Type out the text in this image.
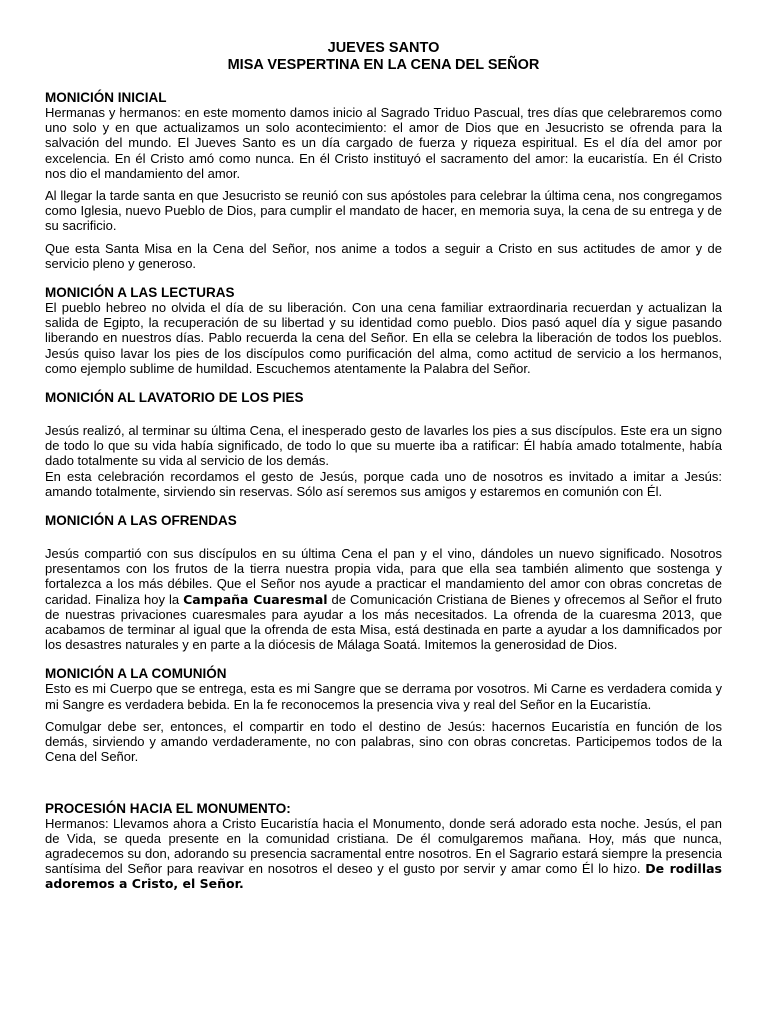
JUEVES SANTO

MISA VESPERTINA EN LA CENA DEL SEÑOR

MONICIÓN INICIAL

Hermanas y hermanos: en este momento damos inicio al Sagrado Triduo Pascual, tres días que celebraremos como uno solo y en que actualizamos un solo acontecimiento: el amor de Dios que en Jesucristo se ofrenda para la salvación del mundo. El Jueves Santo es un día cargado de fuerza y riqueza espiritual. Es el día del amor por excelencia. En él Cristo amó como nunca. En él Cristo instituyó el sacramento del amor: la eucaristía. En él Cristo nos dio el mandamiento del amor.

Al llegar la tarde santa en que Jesucristo se reunió con sus apóstoles para celebrar la última cena, nos congregamos como Iglesia, nuevo Pueblo de Dios, para cumplir el mandato de hacer, en memoria suya, la cena de su entrega y de su sacrificio.

Que esta Santa Misa en la Cena del Señor, nos anime a todos a seguir a Cristo en sus actitudes de amor y de servicio pleno y generoso.

MONICIÓN A LAS LECTURAS

El pueblo hebreo no olvida el día de su liberación. Con una cena familiar extraordinaria recuerdan y actualizan la salida de Egipto, la recuperación de su libertad y su identidad como pueblo. Dios pasó aquel día y sigue pasando liberando en nuestros días. Pablo recuerda la cena del Señor. En ella se celebra la liberación de todos los pueblos. Jesús quiso lavar los pies de los discípulos como purificación del alma, como actitud de servicio a los hermanos, como ejemplo sublime de humildad. Escuchemos atentamente la Palabra del Señor.

MONICIÓN AL LAVATORIO DE LOS PIES

Jesús realizó, al terminar su última Cena, el inesperado gesto de lavarles los pies a sus discípulos. Este era un signo de todo lo que su vida había significado, de todo lo que su muerte iba a ratificar: Él había amado totalmente, había dado totalmente su vida al servicio de los demás.

En esta celebración recordamos el gesto de Jesús, porque cada uno de nosotros es invitado a imitar a Jesús: amando totalmente, sirviendo sin reservas. Sólo así seremos sus amigos y estaremos en comunión con Él.

MONICIÓN A LAS OFRENDAS

Jesús compartió con sus discípulos en su última Cena el pan y el vino, dándoles un nuevo significado. Nosotros presentamos con los frutos de la tierra nuestra propia vida, para que ella sea también alimento que sostenga y fortalezca a los más débiles. Que el Señor nos ayude a practicar el mandamiento del amor con obras concretas de caridad. Finaliza hoy la Campaña Cuaresmal de Comunicación Cristiana de Bienes y ofrecemos al Señor el fruto de nuestras privaciones cuaresmales para ayudar a los más necesitados. La ofrenda de la cuaresma 2013, que acabamos de terminar al igual que la ofrenda de esta Misa, está destinada en parte a ayudar a los damnificados por los desastres naturales y en parte a la diócesis de Málaga Soatá. Imitemos la generosidad de Dios.

MONICIÓN A LA COMUNIÓN

Esto es mi Cuerpo que se entrega, esta es mi Sangre que se derrama por vosotros. Mi Carne es verdadera comida y mi Sangre es verdadera bebida. En la fe reconocemos la presencia viva y real del Señor en la Eucaristía.

Comulgar debe ser, entonces, el compartir en todo el destino de Jesús: hacernos Eucaristía en función de los demás, sirviendo y amando verdaderamente, no con palabras, sino con obras concretas. Participemos todos de la Cena del Señor.

PROCESIÓN HACIA EL MONUMENTO:

Hermanos: Llevamos ahora a Cristo Eucaristía hacia el Monumento, donde será adorado esta noche. Jesús, el pan de Vida, se queda presente en la comunidad cristiana. De él comulgaremos mañana. Hoy, más que nunca, agradecemos su don, adorando su presencia sacramental entre nosotros. En el Sagrario estará siempre la presencia santísima del Señor para reavivar en nosotros el deseo y el gusto por servir y amar como Él lo hizo. De rodillas adoremos a Cristo, el Señor.
